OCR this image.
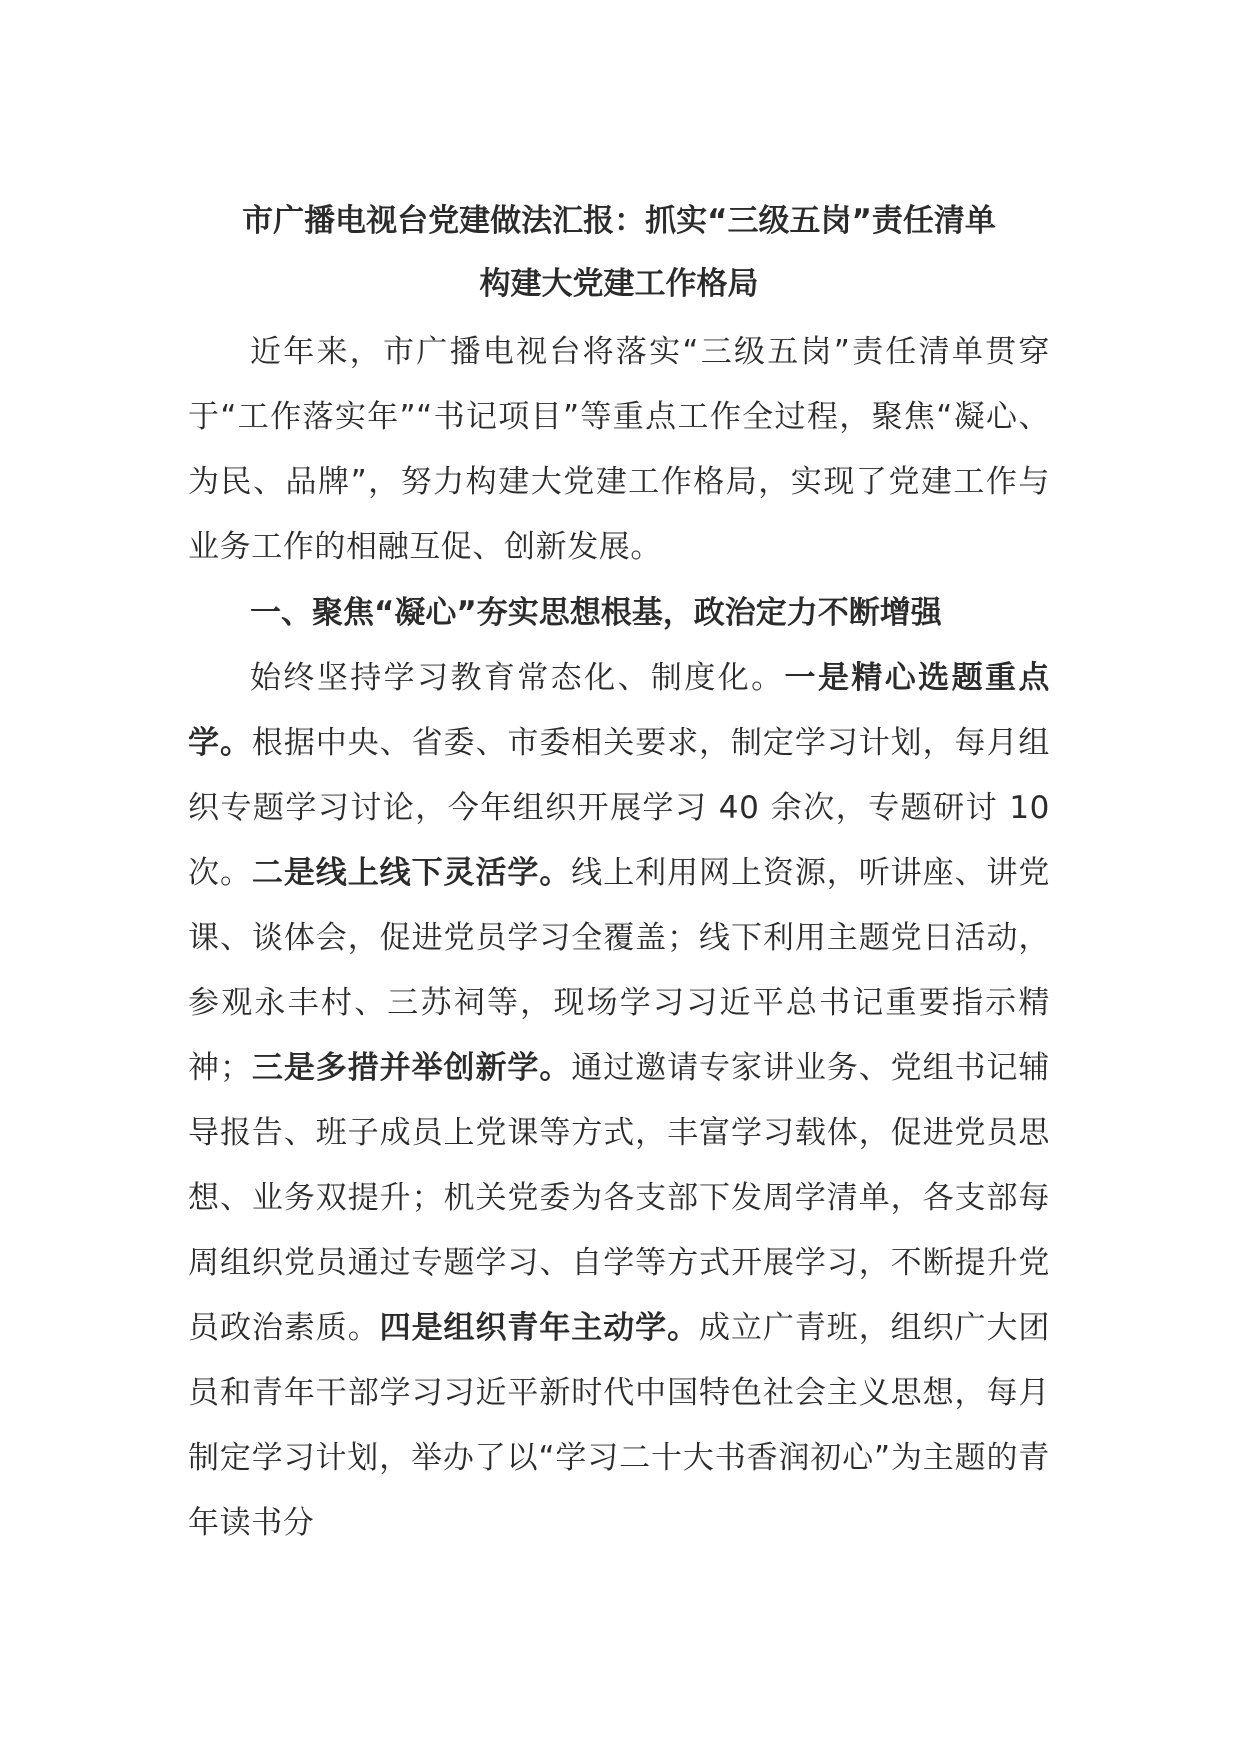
市广播电视台党建做法汇报：抓实“三级五岗”责任清单
构建大党建工作格局

近年来，市广播电视台将落实“三级五岗”责任清单贯穿于“工作落实年”“书记项目”等重点工作全过程，聚焦“凝心、为民、品牌”，努力构建大党建工作格局，实现了党建工作与业务工作的相融互促、创新发展。

一、聚焦“凝心”夯实思想根基，政治定力不断增强

始终坚持学习教育常态化、制度化。一是精心选题重点学。根据中央、省委、市委相关要求，制定学习计划，每月组织专题学习讨论，今年组织开展学习 40 余次，专题研讨 10 次。二是线上线下灵活学。线上利用网上资源，听讲座、讲党课、谈体会，促进党员学习全覆盖；线下利用主题党日活动，参观永丰村、三苏祠等，现场学习习近平总书记重要指示精神；三是多措并举创新学。通过邀请专家讲业务、党组书记辅导报告、班子成员上党课等方式，丰富学习载体，促进党员思想、业务双提升；机关党委为各支部下发周学清单，各支部每周组织党员通过专题学习、自学等方式开展学习，不断提升党员政治素质。四是组织青年主动学。成立广青班，组织广大团员和青年干部学习习近平新时代中国特色社会主义思想，每月制定学习计划，举办了以“学习二十大书香润初心”为主题的青年读书分
